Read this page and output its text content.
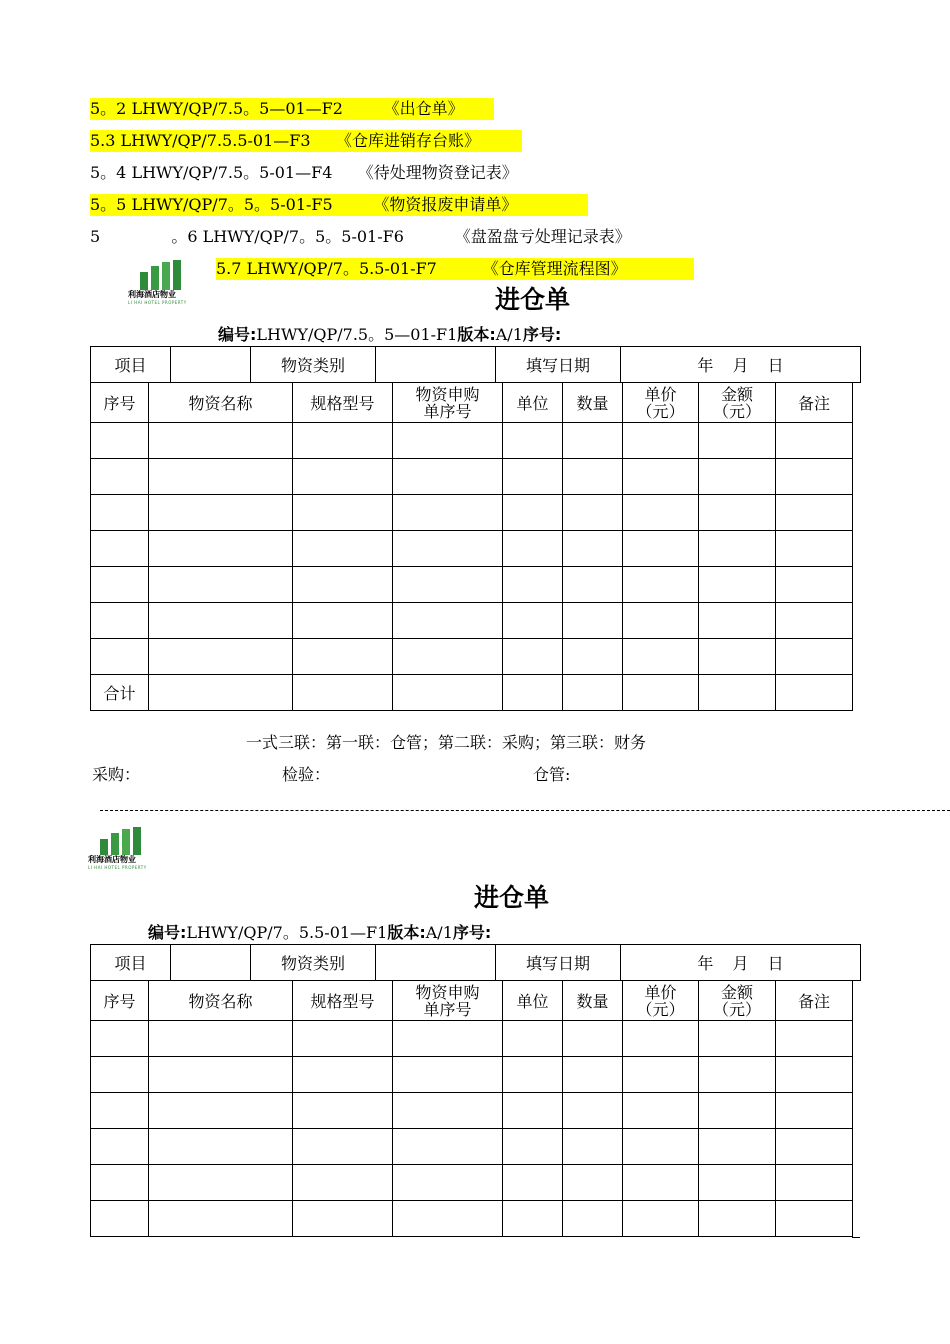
5。2 LHWY/QP/7.5。5—01—F2        《出仓单》
5.3 LHWY/QP/7.5.5-01—F3     《仓库进销存台账》
5。4 LHWY/QP/7.5。5-01—F4     《待处理物资登记表》
5。5 LHWY/QP/7。5。5-01-F5        《物资报废申请单》
5              。6 LHWY/QP/7。5。5-01-F6          《盘盈盘亏处理记录表》
5.7 LHWY/QP/7。5.5-01-F7         《仓库管理流程图》
利海酒店物业
LI HAI HOTEL PROPERTY	进仓单
编号:LHWY/QP/7.5。5—01-F1版本:A/1序号:
项目		物资类别		填写日期	年 月 日
序号	物资名称	规格型号	物资申购单序号	单位	数量	单价（元）	金额（元）	备注

合计								
一式三联：第一联：仓管；第二联：采购；第三联：财务
采购：	检验：	仓管:
利海酒店物业
LI HAI HOTEL PROPERTY
进仓单
编号:LHWY/QP/7。5.5-01—F1版本:A/1序号:
项目		物资类别		填写日期	年 月 日
序号	物资名称	规格型号	物资申购单序号	单位	数量	单价（元）	金额（元）	备注
